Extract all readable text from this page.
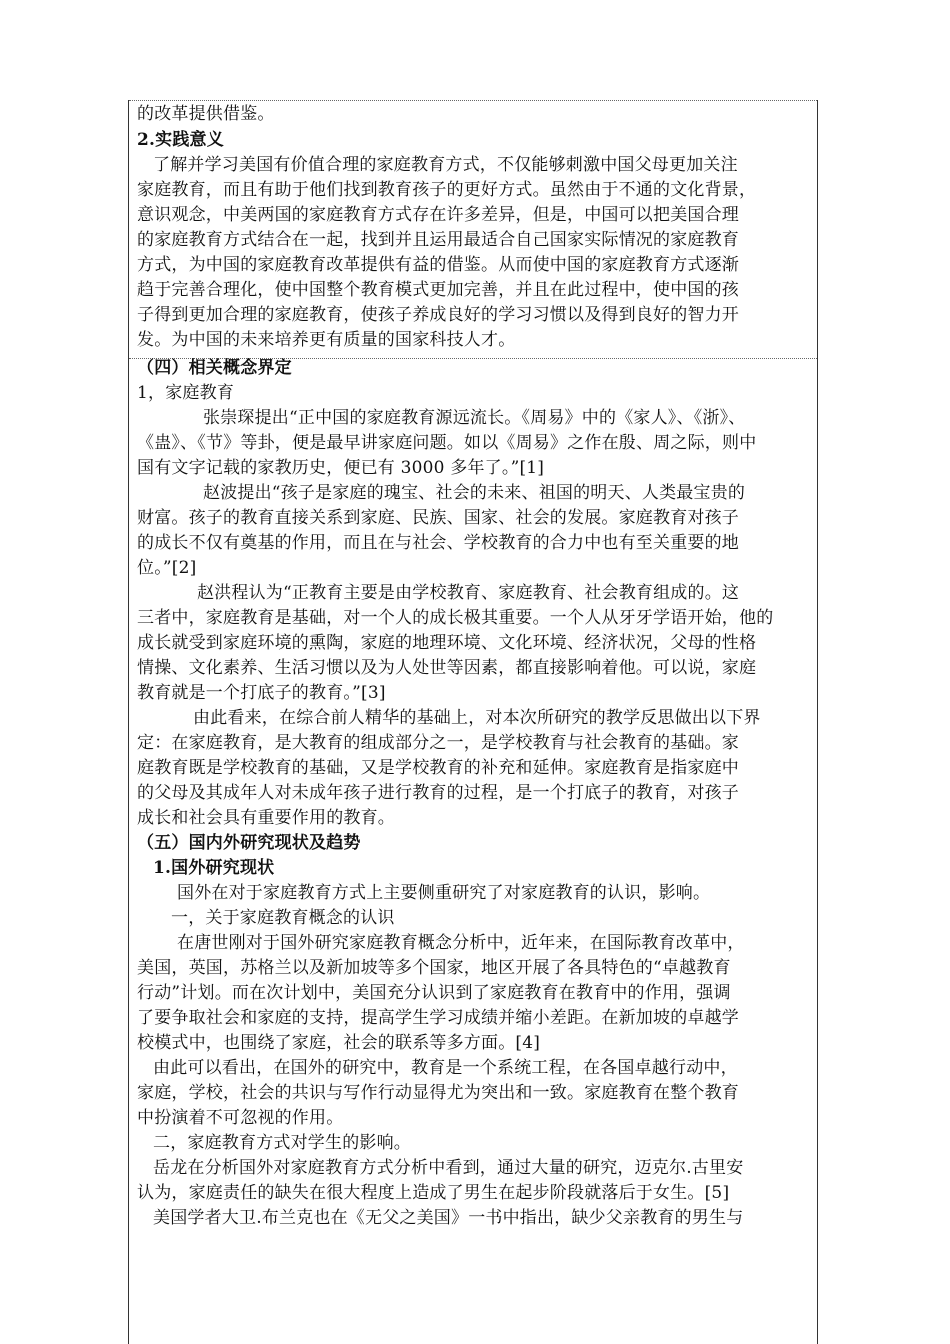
的改革提供借鉴。
2.实践意义
了解并学习美国有价值合理的家庭教育方式，不仅能够刺激中国父母更加关注
家庭教育，而且有助于他们找到教育孩子的更好方式。虽然由于不通的文化背景，
意识观念，中美两国的家庭教育方式存在许多差异，但是，中国可以把美国合理
的家庭教育方式结合在一起，找到并且运用最适合自己国家实际情况的家庭教育
方式，为中国的家庭教育改革提供有益的借鉴。从而使中国的家庭教育方式逐渐
趋于完善合理化，使中国整个教育模式更加完善，并且在此过程中，使中国的孩
子得到更加合理的家庭教育，使孩子养成良好的学习习惯以及得到良好的智力开
发。为中国的未来培养更有质量的国家科技人才。
（四）相关概念界定
1，家庭教育
张崇琛提出“正中国的家庭教育源远流长。《周易》中的《家人》、《浙》、
《蛊》、《节》等卦，便是最早讲家庭问题。如以《周易》之作在殷、周之际，则中
国有文字记载的家教历史，便已有 3000 多年了。”[1]
赵波提出“孩子是家庭的瑰宝、社会的未来、祖国的明天、人类最宝贵的
财富。孩子的教育直接关系到家庭、民族、国家、社会的发展。家庭教育对孩子
的成长不仅有奠基的作用，而且在与社会、学校教育的合力中也有至关重要的地
位。”[2]
赵洪程认为“正教育主要是由学校教育、家庭教育、社会教育组成的。这
三者中，家庭教育是基础，对一个人的成长极其重要。一个人从牙牙学语开始，他的
成长就受到家庭环境的熏陶，家庭的地理环境、文化环境、经济状况，父母的性格
情操、文化素养、生活习惯以及为人处世等因素，都直接影响着他。可以说，家庭
教育就是一个打底子的教育。”[3]
由此看来，在综合前人精华的基础上，对本次所研究的教学反思做出以下界
定：在家庭教育，是大教育的组成部分之一，是学校教育与社会教育的基础。家
庭教育既是学校教育的基础，又是学校教育的补充和延伸。家庭教育是指家庭中
的父母及其成年人对未成年孩子进行教育的过程，是一个打底子的教育，对孩子
成长和社会具有重要作用的教育。
（五）国内外研究现状及趋势
1.国外研究现状
国外在对于家庭教育方式上主要侧重研究了对家庭教育的认识，影响。
一，关于家庭教育概念的认识
在唐世刚对于国外研究家庭教育概念分析中，近年来，在国际教育改革中，
美国，英国，苏格兰以及新加坡等多个国家，地区开展了各具特色的“卓越教育
行动”计划。而在次计划中，美国充分认识到了家庭教育在教育中的作用，强调
了要争取社会和家庭的支持，提高学生学习成绩并缩小差距。在新加坡的卓越学
校模式中，也围绕了家庭，社会的联系等多方面。[4]
由此可以看出，在国外的研究中，教育是一个系统工程，在各国卓越行动中，
家庭，学校，社会的共识与写作行动显得尤为突出和一致。家庭教育在整个教育
中扮演着不可忽视的作用。
二，家庭教育方式对学生的影响。
岳龙在分析国外对家庭教育方式分析中看到，通过大量的研究，迈克尔.古里安
认为，家庭责任的缺失在很大程度上造成了男生在起步阶段就落后于女生。[5]
美国学者大卫.布兰克也在《无父之美国》一书中指出，缺少父亲教育的男生与
